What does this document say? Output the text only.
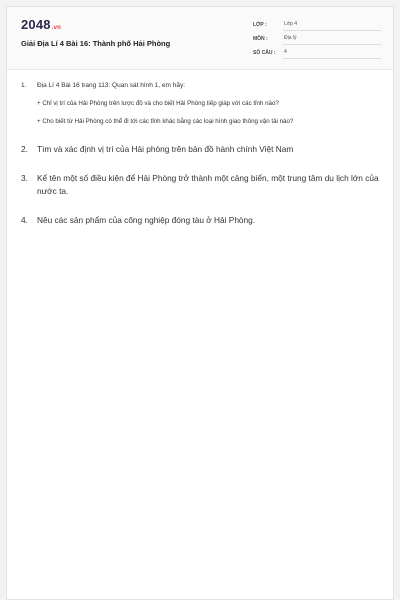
2048.vn
Giải Địa Lí 4 Bài 16: Thành phố Hải Phòng
LỚP :	Lớp 4
MÔN :	Địa lý
SỐ CÂU :	4
1.	Địa Lí 4 Bài 16 trang 113: Quan sát hình 1, em hãy:
+ Chỉ vị trí của Hải Phòng trên lược đồ và cho biết Hải Phòng tiếp giáp với các tỉnh nào?
+ Cho biết từ Hải Phòng có thể đi tới các tỉnh khác bằng các loại hình giao thông vận tải nào?
2.	Tìm và xác định vị trí của Hải phòng trên bản đồ hành chính Việt Nam
3.	Kể tên một số điều kiện để Hải Phòng trở thành một cảng biển, một trung tâm du lịch lớn của nước ta.
4.	Nêu các sản phẩm của công nghiệp đóng tàu ở Hải Phòng.
